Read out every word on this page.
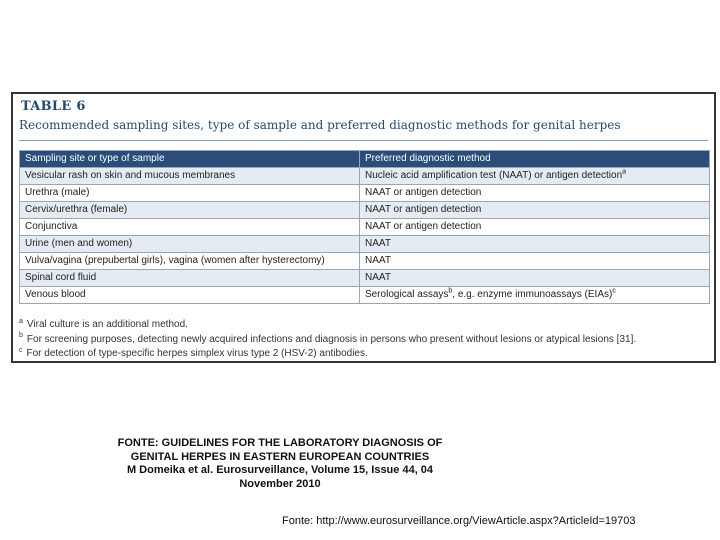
TABLE 6
Recommended sampling sites, type of sample and preferred diagnostic methods for genital herpes
Sampling site or type of sample	Preferred diagnostic method
Vesicular rash on skin and mucous membranes	Nucleic acid amplification test (NAAT) or antigen detection$^a$
Urethra (male)	NAAT or antigen detection
Cervix/urethra (female)	NAAT or antigen detection
Conjunctiva	NAAT or antigen detection
Urine (men and women)	NAAT
Vulva/vagina (prepubertal girls), vagina (women after hysterectomy)	NAAT
Spinal cord fluid	NAAT
Venous blood	Serological assays$^b$, e.g. enzyme immunoassays (EIAs)$^c$
$^a$ Viral culture is an additional method.
$^b$ For screening purposes, detecting newly acquired infections and diagnosis in persons who present without lesions or atypical lesions [31].
$^c$ For detection of type-specific herpes simplex virus type 2 (HSV-2) antibodies.
FONTE: GUIDELINES FOR THE LABORATORY DIAGNOSIS OF
GENITAL HERPES IN EASTERN EUROPEAN COUNTRIES
M Domeika et al. Eurosurveillance, Volume 15, Issue 44, 04
November 2010
Fonte: http://www.eurosurveillance.org/ViewArticle.aspx?ArticleId=19703
